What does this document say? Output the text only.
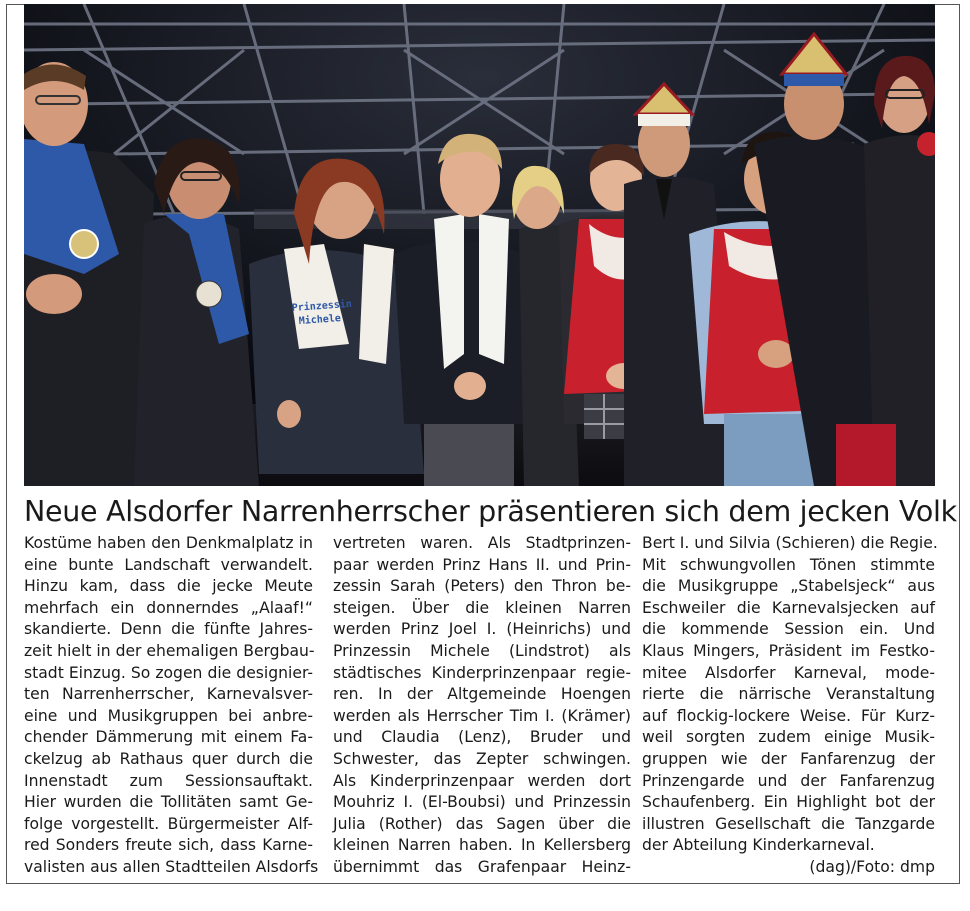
Prinzessin
Michele
Neue Alsdorfer Narrenherrscher präsentieren sich dem jecken Volk
Kostüme haben den Denkmalplatz in
eine bunte Landschaft verwandelt.
Hinzu kam, dass die jecke Meute
mehrfach ein donnerndes „Alaaf!“
skandierte. Denn die fünfte Jahres-
zeit hielt in der ehemaligen Bergbau-
stadt Einzug. So zogen die designier-
ten Narrenherrscher, Karnevalsver-
eine und Musikgruppen bei anbre-
chender Dämmerung mit einem Fa-
ckelzug ab Rathaus quer durch die
Innenstadt zum Sessionsauftakt.
Hier wurden die Tollitäten samt Ge-
folge vorgestellt. Bürgermeister Alf-
red Sonders freute sich, dass Karne-
valisten aus allen Stadtteilen Alsdorfs
vertreten waren. Als Stadtprinzen-
paar werden Prinz Hans II. und Prin-
zessin Sarah (Peters) den Thron be-
steigen. Über die kleinen Narren
werden Prinz Joel I. (Heinrichs) und
Prinzessin Michele (Lindstrot) als
städtisches Kinderprinzenpaar regie-
ren. In der Altgemeinde Hoengen
werden als Herrscher Tim I. (Krämer)
und Claudia (Lenz), Bruder und
Schwester, das Zepter schwingen.
Als Kinderprinzenpaar werden dort
Mouhriz I. (El-Boubsi) und Prinzessin
Julia (Rother) das Sagen über die
kleinen Narren haben. In Kellersberg
übernimmt das Grafenpaar Heinz-
Bert I. und Silvia (Schieren) die Regie.
Mit schwungvollen Tönen stimmte
die Musikgruppe „Stabelsjeck“ aus
Eschweiler die Karnevalsjecken auf
die kommende Session ein. Und
Klaus Mingers, Präsident im Festko-
mitee Alsdorfer Karneval, mode-
rierte die närrische Veranstaltung
auf flockig-lockere Weise. Für Kurz-
weil sorgten zudem einige Musik-
gruppen wie der Fanfarenzug der
Prinzengarde und der Fanfarenzug
Schaufenberg. Ein Highlight bot der
illustren Gesellschaft die Tanzgarde
der Abteilung Kinderkarneval.
(dag)/Foto: dmp
